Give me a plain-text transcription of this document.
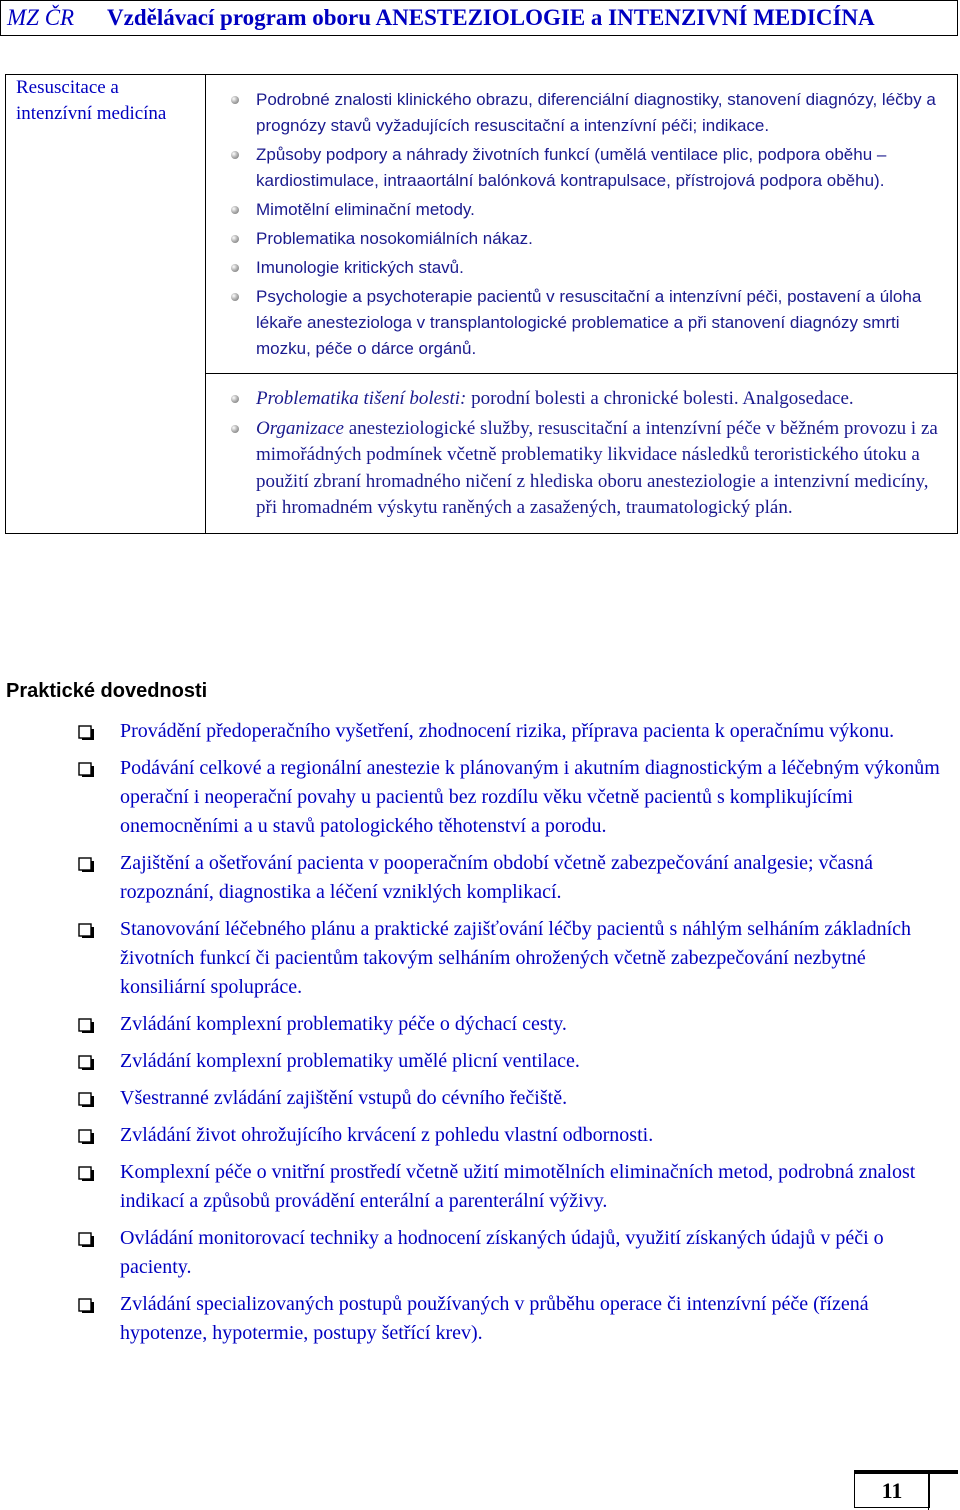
MZ ČR	Vzdělávací program oboru ANESTEZIOLOGIE a INTENZIVNÍ MEDICÍNA
Resuscitace a intenzívní medicína	
Podrobné znalosti klinického obrazu, diferenciální diagnostiky, stanovení diagnózy, léčby a prognózy stavů vyžadujících resuscitační a intenzívní péči; indikace.
Způsoby podpory a náhrady životních funkcí (umělá ventilace plic, podpora oběhu – kardiostimulace, intraaortální balónková kontrapulsace, přístrojová podpora oběhu).
Mimotělní eliminační metody.
Problematika nosokomiálních nákaz.
Imunologie kritických stavů.
Psychologie a psychoterapie pacientů v resuscitační a intenzívní péči, postavení a úloha lékaře anesteziologa v transplantologické problematice a při stanovení diagnózy smrti mozku, péče o dárce orgánů.

Problematika tišení bolesti: porodní bolesti a chronické bolesti. Analgosedace.
Organizace anesteziologické služby, resuscitační a intenzívní péče v běžném provozu i za mimořádných podmínek včetně problematiky likvidace následků teroristického útoku a použití zbraní hromadného ničení z hlediska oboru anesteziologie a intenzivní medicíny, při hromadném výskytu raněných a zasažených, traumatologický plán.
Praktické dovednosti
Provádění předoperačního vyšetření, zhodnocení rizika, příprava pacienta k operačnímu výkonu.
Podávání celkové a regionální anestezie k plánovaným i akutním diagnostickým a léčebným výkonům operační i neoperační povahy u pacientů bez rozdílu věku včetně pacientů s komplikujícími onemocněními a u stavů patologického těhotenství a porodu.
Zajištění a ošetřování pacienta v pooperačním období včetně zabezpečování analgesie; včasná rozpoznání, diagnostika a léčení vzniklých komplikací.
Stanovování léčebného plánu a praktické zajišťování léčby pacientů s náhlým selháním základních životních funkcí či pacientům takovým selháním ohrožených včetně zabezpečování nezbytné konsiliární spolupráce.
Zvládání komplexní problematiky péče o dýchací cesty.
Zvládání komplexní problematiky umělé plicní ventilace.
Všestranné zvládání zajištění vstupů do cévního řečiště.
Zvládání život ohrožujícího krvácení z pohledu vlastní odbornosti.
Komplexní péče o vnitřní prostředí včetně užití mimotělních eliminačních metod, podrobná znalost indikací a způsobů provádění enterální a parenterální výživy.
Ovládání monitorovací techniky a hodnocení získaných údajů, využití získaných údajů v péči o pacienty.
Zvládání specializovaných postupů používaných v průběhu operace či intenzívní péče (řízená hypotenze, hypotermie, postupy šetřící krev).
11
